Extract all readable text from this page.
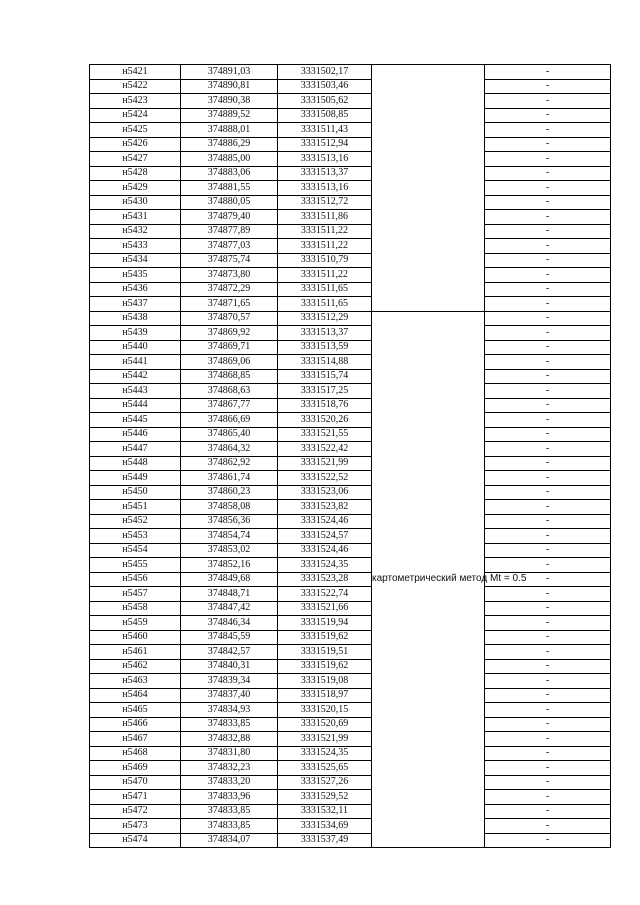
н5421	374891,03	3331502,17		-
н5422	374890,81	3331503,46		-
н5423	374890,38	3331505,62		-
н5424	374889,52	3331508,85		-
н5425	374888,01	3331511,43		-
н5426	374886,29	3331512,94		-
н5427	374885,00	3331513,16		-
н5428	374883,06	3331513,37		-
н5429	374881,55	3331513,16		-
н5430	374880,05	3331512,72		-
н5431	374879,40	3331511,86		-
н5432	374877,89	3331511,22		-
н5433	374877,03	3331511,22		-
н5434	374875,74	3331510,79		-
н5435	374873,80	3331511,22		-
н5436	374872,29	3331511,65		-
н5437	374871,65	3331511,65		-
н5438	374870,57	3331512,29	картометрический метод Mt = 0.5	-
н5439	374869,92	3331513,37		-
н5440	374869,71	3331513,59		-
н5441	374869,06	3331514,88		-
н5442	374868,85	3331515,74		-
н5443	374868,63	3331517,25		-
н5444	374867,77	3331518,76		-
н5445	374866,69	3331520,26		-
н5446	374865,40	3331521,55		-
н5447	374864,32	3331522,42		-
н5448	374862,92	3331521,99		-
н5449	374861,74	3331522,52		-
н5450	374860,23	3331523,06		-
н5451	374858,08	3331523,82		-
н5452	374856,36	3331524,46		-
н5453	374854,74	3331524,57		-
н5454	374853,02	3331524,46		-
н5455	374852,16	3331524,35		-
н5456	374849,68	3331523,28		-
н5457	374848,71	3331522,74		-
н5458	374847,42	3331521,66		-
н5459	374846,34	3331519,94		-
н5460	374845,59	3331519,62		-
н5461	374842,57	3331519,51		-
н5462	374840,31	3331519,62		-
н5463	374839,34	3331519,08		-
н5464	374837,40	3331518,97		-
н5465	374834,93	3331520,15		-
н5466	374833,85	3331520,69		-
н5467	374832,88	3331521,99		-
н5468	374831,80	3331524,35		-
н5469	374832,23	3331525,65		-
н5470	374833,20	3331527,26		-
н5471	374833,96	3331529,52		-
н5472	374833,85	3331532,11		-
н5473	374833,85	3331534,69		-
н5474	374834,07	3331537,49		-
